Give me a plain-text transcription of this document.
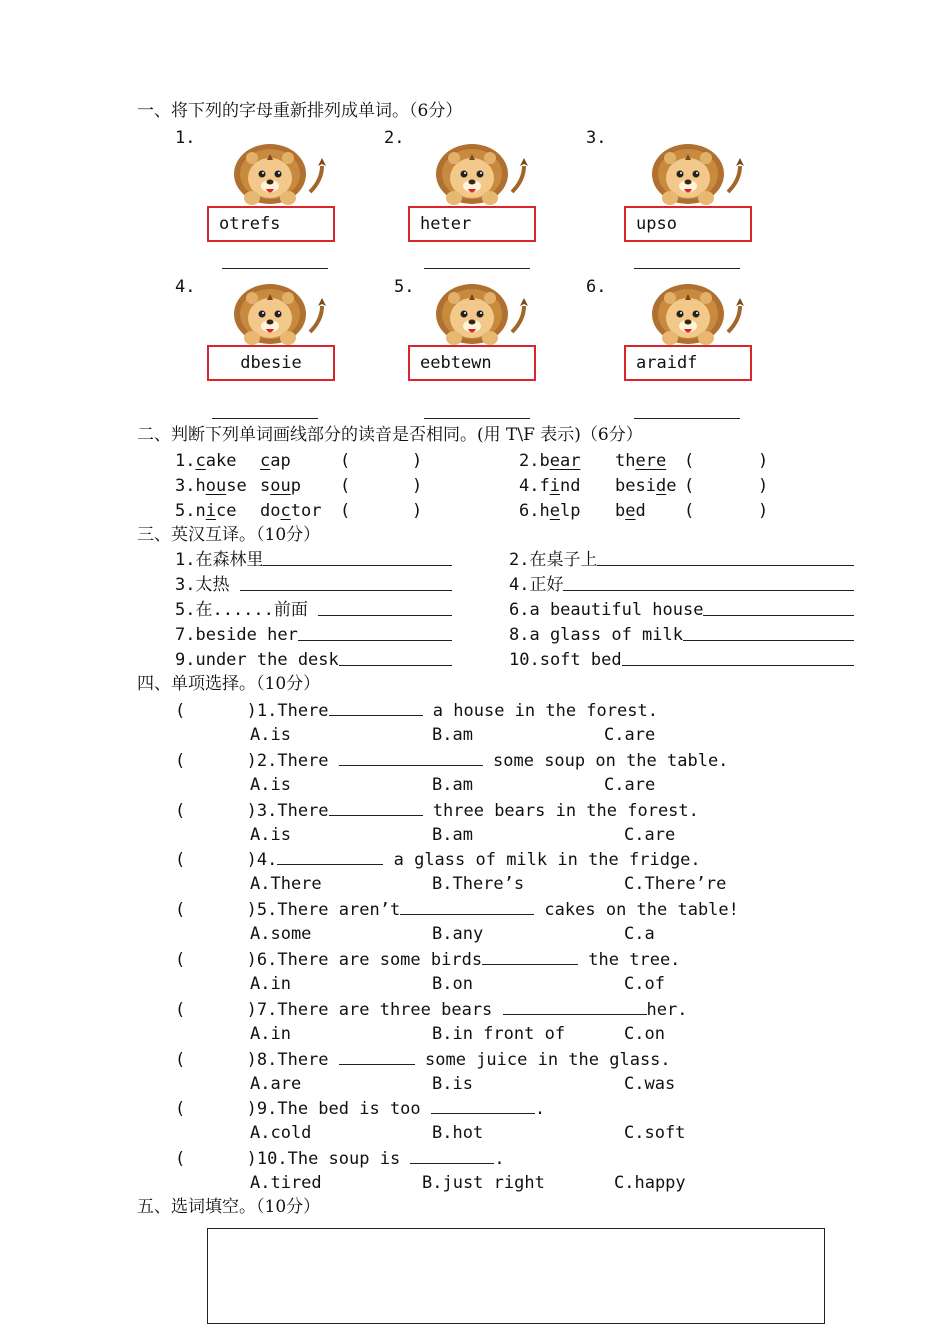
一、将下列的字母重新排列成单词。（6分）
1.	2.	3.
otrefs	heter	upso
4.	5.	6.
dbesie	eebtewn	araidf
二、判断下列单词画线部分的读音是否相同。(用 T\F 表示)（6分）
1.cake cap	(	)	2.bear there (	)
3.house soup (	)	4.find beside (	)
5.nice doctor (	)	6.help bed (	)
三、英汉互译。（10分）
1.在森林里	2.在桌子上
3.太热	4.正好
5.在......前面	6.a beautiful house
7.beside her	8.a glass of milk
9.under the desk	10.soft bed
四、单项选择。（10分）
(      )1.There	a house in the forest.
A.is	B.am	C.are
(      )2.There	some soup on the table.
A.is	B.am	C.are
(      )3.There	three bears in the forest.
A.is	B.am	C.are
(      )4.	a glass of milk in the fridge.
A.There	B.There’s	C.There’re
(      )5.There aren’t	cakes on the table!
A.some	B.any	C.a
(      )6.There are some birds	the tree.
A.in	B.on	C.of
(      )7.There are three bears	her.
A.in	B.in front of	C.on
(      )8.There	some juice in the glass.
A.are	B.is	C.was
(      )9.The bed is too	.
A.cold	B.hot	C.soft
(      )10.The soup is	.
A.tired	B.just right	C.happy
五、选词填空。（10分）
